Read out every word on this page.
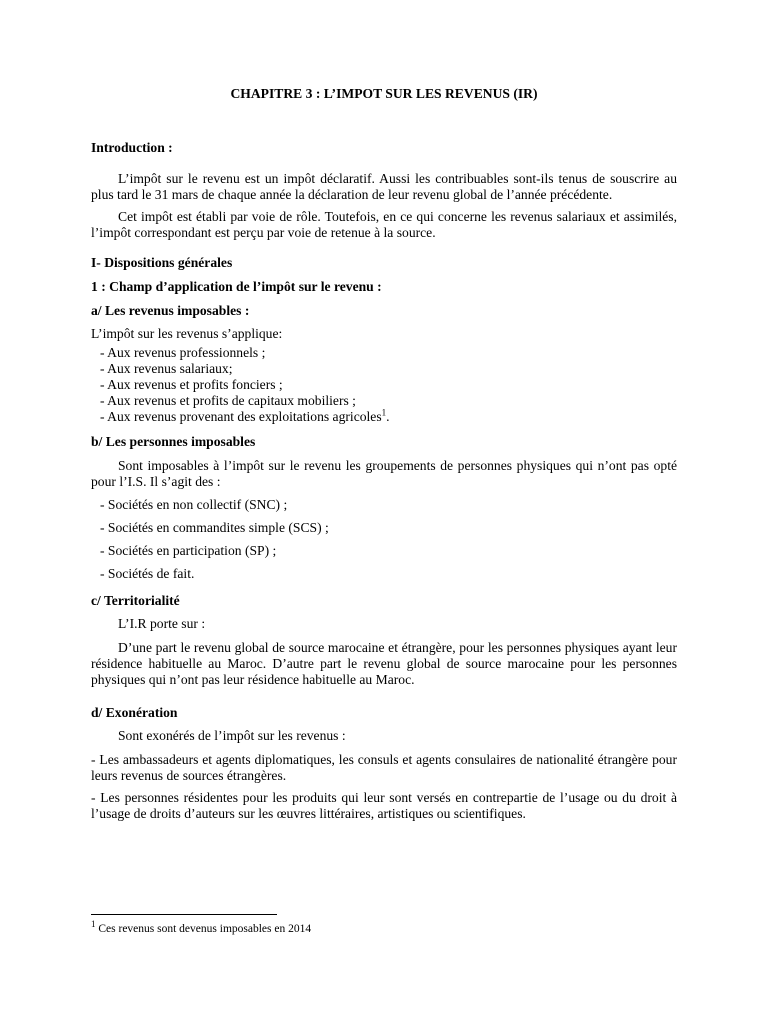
CHAPITRE 3 : L’IMPOT SUR LES REVENUS (IR)

Introduction :

L’impôt sur le revenu est un impôt déclaratif. Aussi les contribuables sont-ils tenus de souscrire au plus tard le 31 mars de chaque année la déclaration de leur revenu global de l’année précédente.

Cet impôt est établi par voie de rôle. Toutefois, en ce qui concerne les revenus salariaux et assimilés, l’impôt correspondant est perçu par voie de retenue à la source.

I- Dispositions générales

1 : Champ d’application de l’impôt sur le revenu :

a/ Les revenus imposables :

L’impôt sur les revenus s’applique:

- Aux revenus professionnels ;
- Aux revenus salariaux;
- Aux revenus et profits fonciers ;
- Aux revenus et profits de capitaux mobiliers ;
- Aux revenus provenant des exploitations agricoles$^1$.

b/ Les personnes imposables

Sont imposables à l’impôt sur le revenu les groupements de personnes physiques qui n’ont pas opté pour l’I.S. Il s’agit des :

- Sociétés en non collectif (SNC) ;
- Sociétés en commandites simple (SCS) ;
- Sociétés en participation (SP) ;
- Sociétés de fait.

c/ Territorialité

L’I.R porte sur :

D’une part le revenu global de source marocaine et étrangère, pour les personnes physiques ayant leur résidence habituelle au Maroc. D’autre part le revenu global de source marocaine pour les personnes physiques qui n’ont pas leur résidence habituelle au Maroc.

d/ Exonération

Sont exonérés de l’impôt sur les revenus :

- Les ambassadeurs et agents diplomatiques, les consuls et agents consulaires de nationalité étrangère pour leurs revenus de sources étrangères.

- Les personnes résidentes pour les produits qui leur sont versés en contrepartie de l’usage ou du droit à l’usage de droits d’auteurs sur les œuvres littéraires, artistiques ou scientifiques.

$^1$ Ces revenus sont devenus imposables en 2014
